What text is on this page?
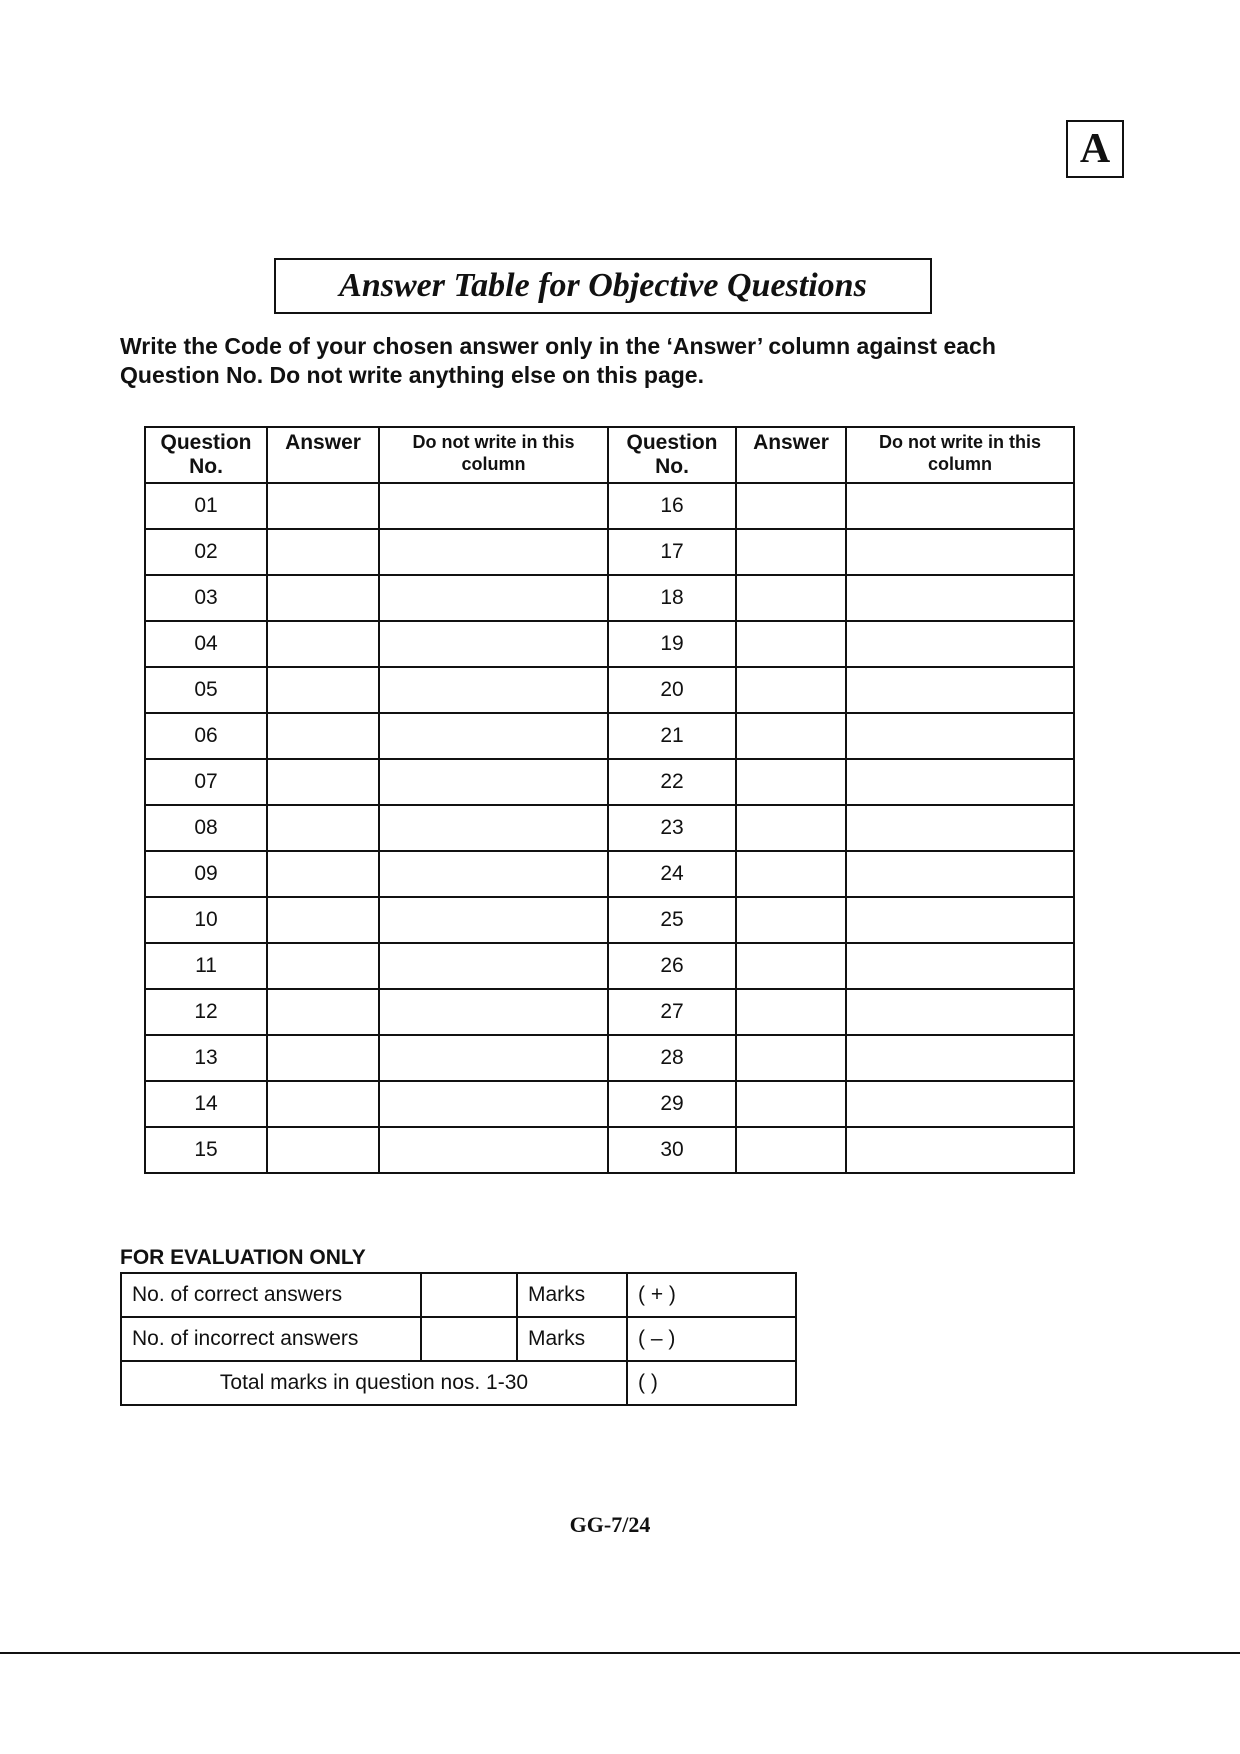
A
Answer Table for Objective Questions
Write the Code of your chosen answer only in the ‘Answer’ column against each Question No. Do not write anything else on this page.
Question No.	Answer	Do not write in this column	Question No.	Answer	Do not write in this column
01			16		
02			17		
03			18		
04			19		
05			20		
06			21		
07			22		
08			23		
09			24		
10			25		
11			26		
12			27		
13			28		
14			29		
15			30		
FOR EVALUATION ONLY
No. of correct answers		Marks	( + )
No. of incorrect answers		Marks	( – )
Total marks in question nos. 1-30			( )
GG-7/24
